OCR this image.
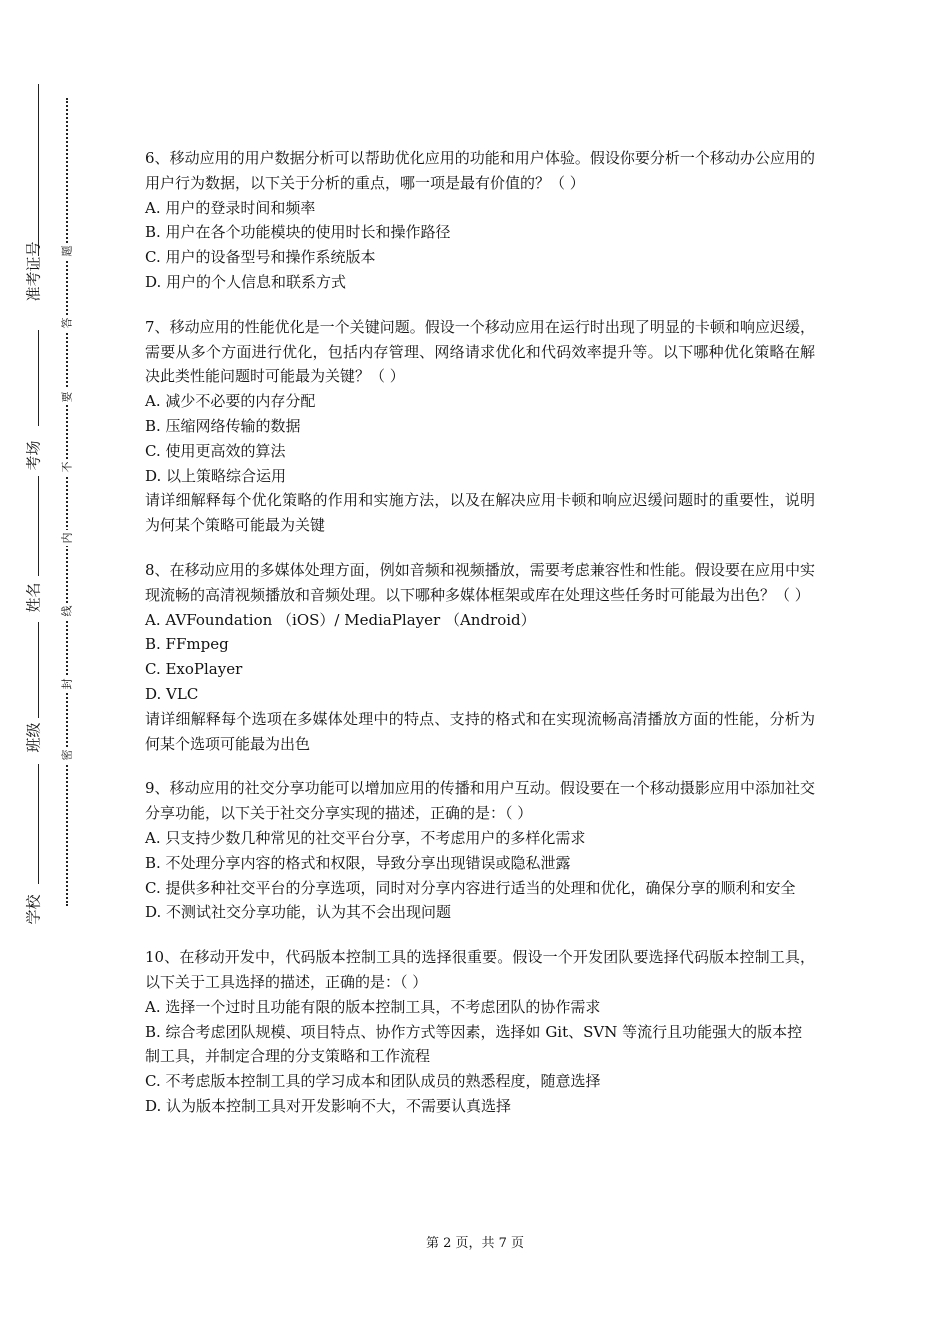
准考证号
考场
姓名
班级
学校
题
答
要
不
内
线
封
密

6、移动应用的用户数据分析可以帮助优化应用的功能和用户体验。假设你要分析一个移动办公应用的用户行为数据，以下关于分析的重点，哪一项是最有价值的？（ ）

A. 用户的登录时间和频率

B. 用户在各个功能模块的使用时长和操作路径

C. 用户的设备型号和操作系统版本

D. 用户的个人信息和联系方式

7、移动应用的性能优化是一个关键问题。假设一个移动应用在运行时出现了明显的卡顿和响应迟缓，需要从多个方面进行优化，包括内存管理、网络请求优化和代码效率提升等。以下哪种优化策略在解决此类性能问题时可能最为关键？（ ）

A. 减少不必要的内存分配

B. 压缩网络传输的数据

C. 使用更高效的算法

D. 以上策略综合运用

请详细解释每个优化策略的作用和实施方法，以及在解决应用卡顿和响应迟缓问题时的重要性，说明为何某个策略可能最为关键

8、在移动应用的多媒体处理方面，例如音频和视频播放，需要考虑兼容性和性能。假设要在应用中实现流畅的高清视频播放和音频处理。以下哪种多媒体框架或库在处理这些任务时可能最为出色？（ ）

A. AVFoundation （iOS）/ MediaPlayer （Android）

B. FFmpeg

C. ExoPlayer

D. VLC

请详细解释每个选项在多媒体处理中的特点、支持的格式和在实现流畅高清播放方面的性能，分析为何某个选项可能最为出色

9、移动应用的社交分享功能可以增加应用的传播和用户互动。假设要在一个移动摄影应用中添加社交分享功能，以下关于社交分享实现的描述，正确的是：（ ）

A. 只支持少数几种常见的社交平台分享，不考虑用户的多样化需求

B. 不处理分享内容的格式和权限，导致分享出现错误或隐私泄露

C. 提供多种社交平台的分享选项，同时对分享内容进行适当的处理和优化，确保分享的顺利和安全

D. 不测试社交分享功能，认为其不会出现问题

10、在移动开发中，代码版本控制工具的选择很重要。假设一个开发团队要选择代码版本控制工具，以下关于工具选择的描述，正确的是：（ ）

A. 选择一个过时且功能有限的版本控制工具，不考虑团队的协作需求

B. 综合考虑团队规模、项目特点、协作方式等因素，选择如 Git、SVN 等流行且功能强大的版本控制工具，并制定合理的分支策略和工作流程

C. 不考虑版本控制工具的学习成本和团队成员的熟悉程度，随意选择

D. 认为版本控制工具对开发影响不大，不需要认真选择

第 2 页，共 7 页
